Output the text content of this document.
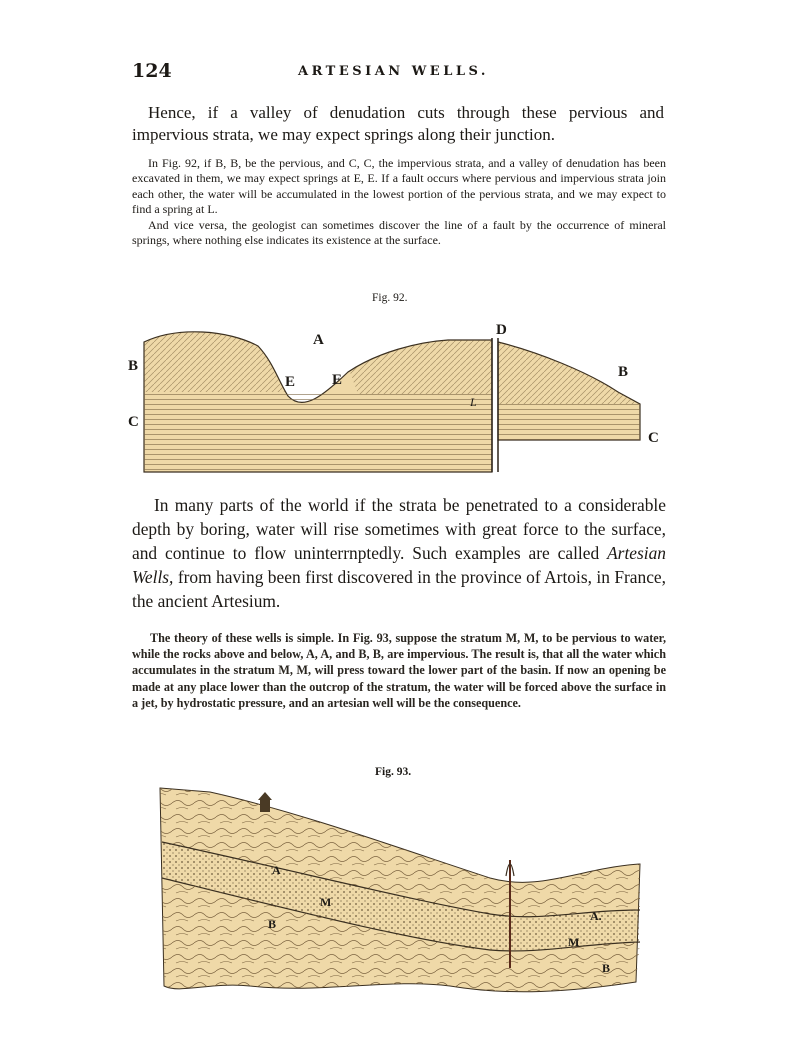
124	ARTESIAN WELLS.

Hence, if a valley of denudation cuts through these pervious and impervious strata, we may expect springs along their junction.

In Fig. 92, if B, B, be the pervious, and C, C, the impervious strata, and a valley of denudation has been excavated in them, we may expect springs at E, E. If a fault occurs where pervious and impervious strata join each other, the water will be accumulated in the lowest portion of the pervious strata, and we may expect to find a spring at L.

And vice versa, the geologist can sometimes discover the line of a fault by the occurrence of mineral springs, where nothing else indicates its existence at the surface.

Fig. 92.
A
B	B
C
C
D
E E
L

In many parts of the world if the strata be penetrated to a considerable depth by boring, water will rise sometimes with great force to the surface, and continue to flow uninterrnptedly. Such examples are called Artesian Wells, from having been first discovered in the province of Artois, in France, the ancient Artesium.

The theory of these wells is simple. In Fig. 93, suppose the stratum M, M, to be pervious to water, while the rocks above and below, A, A, and B, B, are impervious. The result is, that all the water which accumulates in the stratum M, M, will press toward the lower part of the basin. If now an opening be made at any place lower than the outcrop of the stratum, the water will be forced above the surface in a jet, by hydrostatic pressure, and an artesian well will be the consequence.

Fig. 93.
A
A.
M
M
B
B
